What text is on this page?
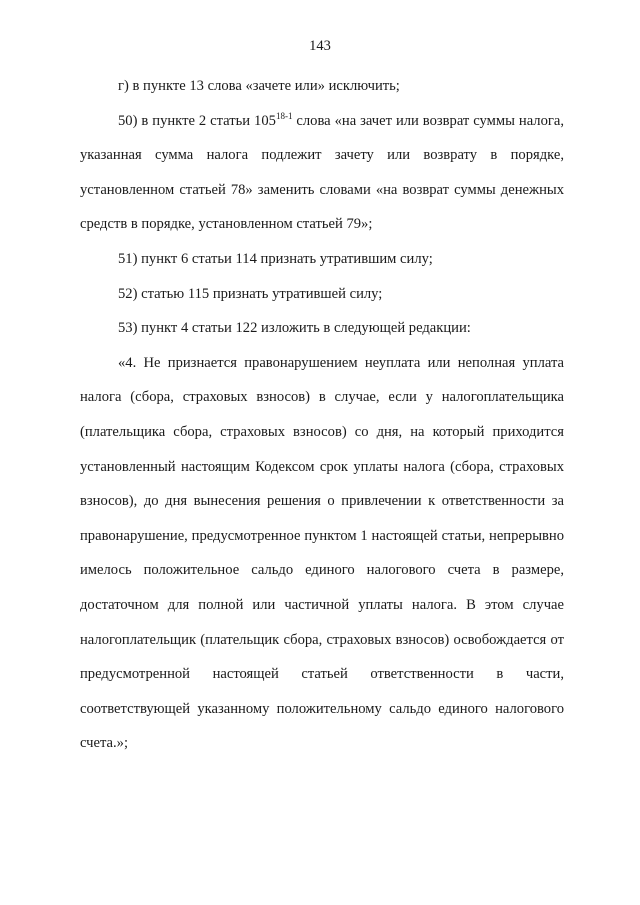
143

г) в пункте 13 слова «зачете или» исключить;

50) в пункте 2 статьи 105$^{18-1}$ слова «на зачет или возврат суммы налога, указанная сумма налога подлежит зачету или возврату в порядке, установленном статьей 78» заменить словами «на возврат суммы денежных средств в порядке, установленном статьей 79»;

51) пункт 6 статьи 114 признать утратившим силу;

52) статью 115 признать утратившей силу;

53) пункт 4 статьи 122 изложить в следующей редакции:

«4. Не признается правонарушением неуплата или неполная уплата налога (сбора, страховых взносов) в случае, если у налогоплательщика (плательщика сбора, страховых взносов) со дня, на который приходится установленный настоящим Кодексом срок уплаты налога (сбора, страховых взносов), до дня вынесения решения о привлечении к ответственности за правонарушение, предусмотренное пунктом 1 настоящей статьи, непрерывно имелось положительное сальдо единого налогового счета в размере, достаточном для полной или частичной уплаты налога. В этом случае налогоплательщик (плательщик сбора, страховых взносов) освобождается от предусмотренной настоящей статьей ответственности в части, соответствующей указанному положительному сальдо единого налогового счета.»;
